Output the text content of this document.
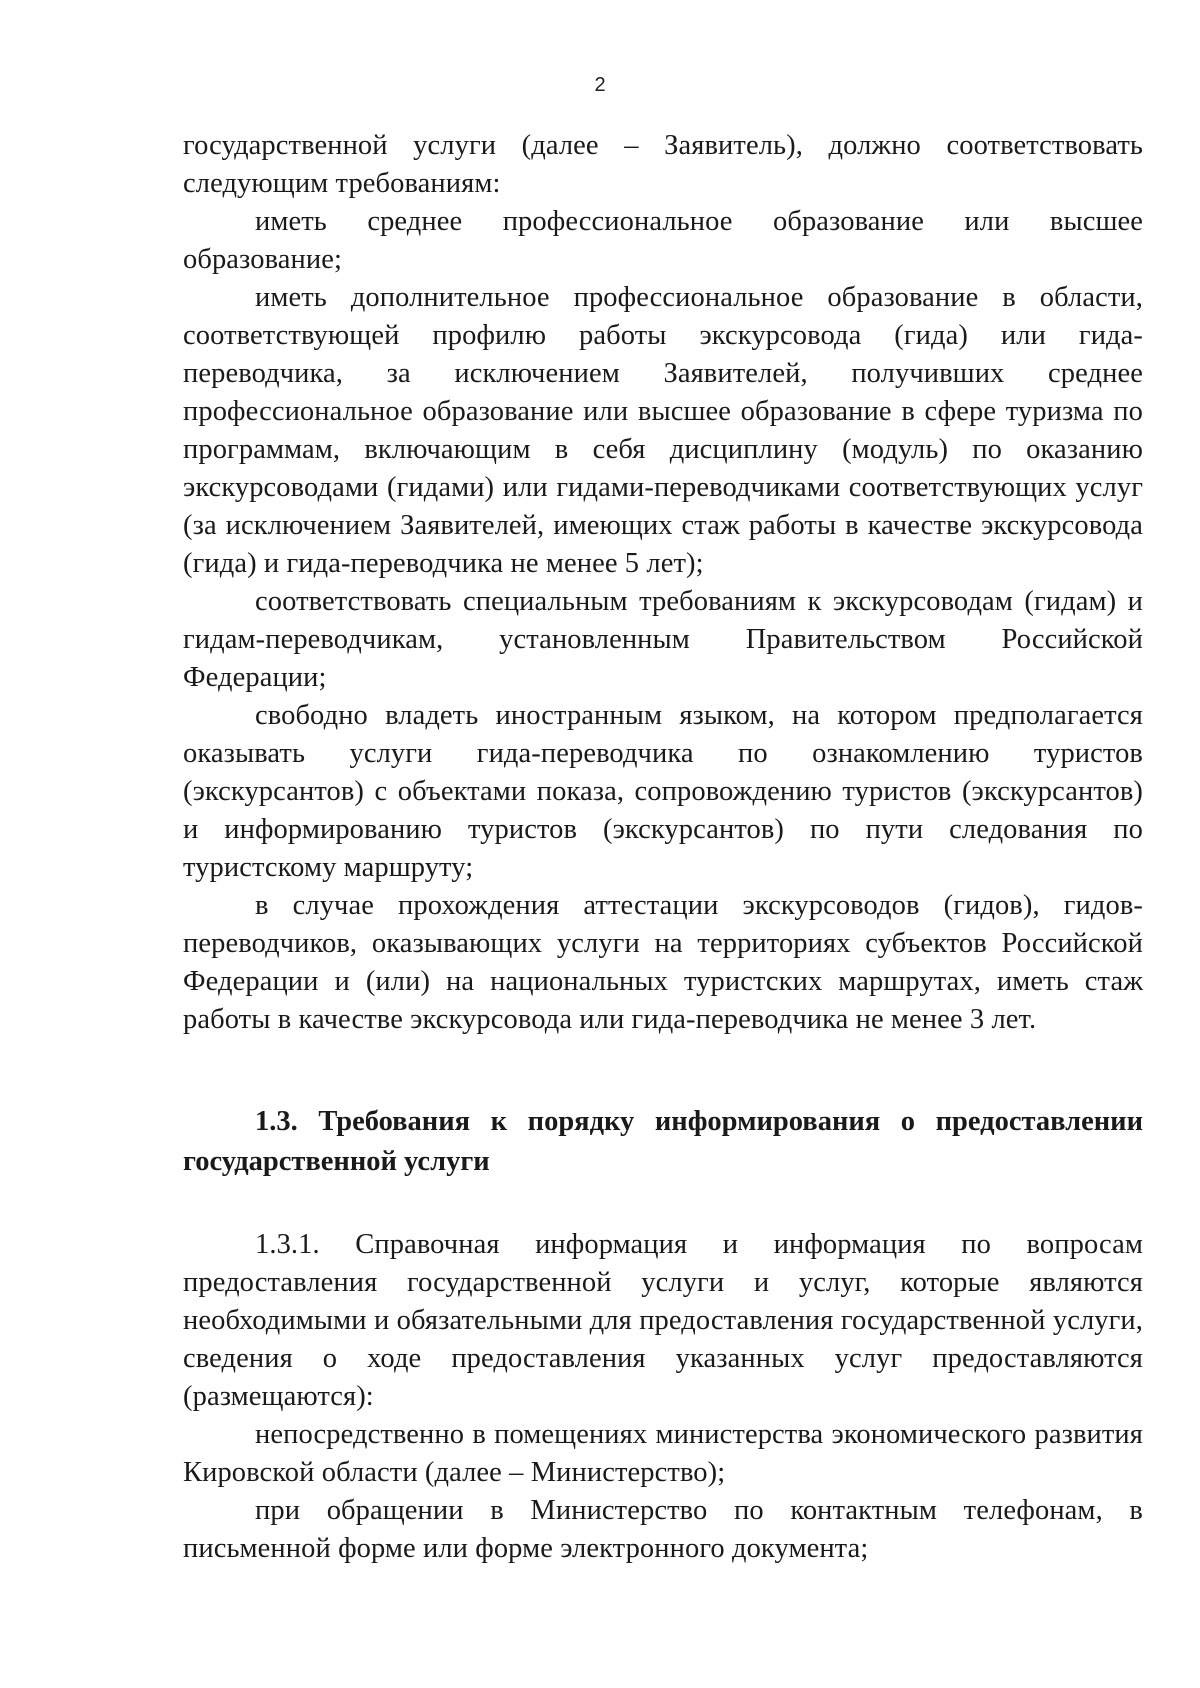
2

государственной услуги (далее – Заявитель), должно соответствовать следующим требованиям:

иметь среднее профессиональное образование или высшее образование;

иметь дополнительное профессиональное образование в области, соответствующей профилю работы экскурсовода (гида) или гида-переводчика, за исключением Заявителей, получивших среднее профессиональное образование или высшее образование в сфере туризма по программам, включающим в себя дисциплину (модуль) по оказанию экскурсоводами (гидами) или гидами-переводчиками соответствующих услуг (за исключением Заявителей, имеющих стаж работы в качестве экскурсовода (гида) и гида-переводчика не менее 5 лет);

соответствовать специальным требованиям к экскурсоводам (гидам) и гидам-переводчикам, установленным Правительством Российской Федерации;

свободно владеть иностранным языком, на котором предполагается оказывать услуги гида-переводчика по ознакомлению туристов (экскурсантов) с объектами показа, сопровождению туристов (экскурсантов) и информированию туристов (экскурсантов) по пути следования по туристскому маршруту;

в случае прохождения аттестации экскурсоводов (гидов), гидов-переводчиков, оказывающих услуги на территориях субъектов Российской Федерации и (или) на национальных туристских маршрутах, иметь стаж работы в качестве экскурсовода или гида-переводчика не менее 3 лет.

1.3. Требования к порядку информирования о предоставлении государственной услуги

1.3.1. Справочная информация и информация по вопросам предоставления государственной услуги и услуг, которые являются необходимыми и обязательными для предоставления государственной услуги, сведения о ходе предоставления указанных услуг предоставляются (размещаются):

непосредственно в помещениях министерства экономического развития Кировской области (далее – Министерство);

при обращении в Министерство по контактным телефонам, в письменной форме или форме электронного документа;
